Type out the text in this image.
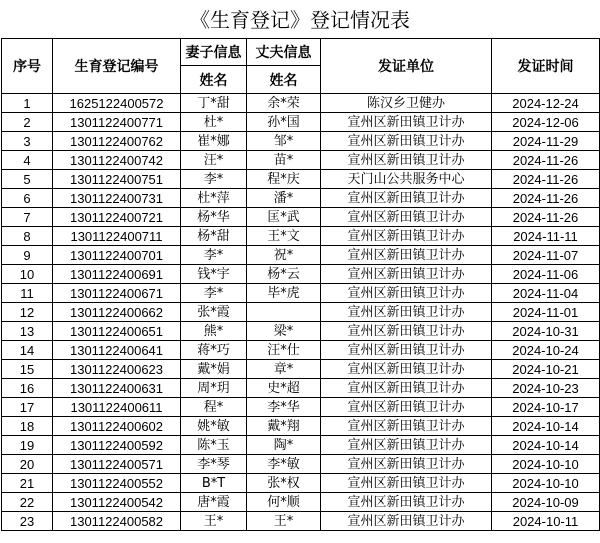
《生育登记》登记情况表
序号	生育登记编号	妻子信息	丈夫信息	发证单位	发证时间
		姓名	姓名		
1	1625122400572	丁*甜	余*荣	陈汉乡卫健办	2024-12-24
2	1301122400771	杜*	孙*国	宣州区新田镇卫计办	2024-12-06
3	1301122400762	崔*娜	邹*	宣州区新田镇卫计办	2024-11-29
4	1301122400742	汪*	苗*	宣州区新田镇卫计办	2024-11-26
5	1301122400751	李*	程*庆	天门山公共服务中心	2024-11-26
6	1301122400731	杜*萍	潘*	宣州区新田镇卫计办	2024-11-26
7	1301122400721	杨*华	匡*武	宣州区新田镇卫计办	2024-11-26
8	1301122400711	杨*甜	王*文	宣州区新田镇卫计办	2024-11-11
9	1301122400701	李*	祝*	宣州区新田镇卫计办	2024-11-07
10	1301122400691	钱*宇	杨*云	宣州区新田镇卫计办	2024-11-06
11	1301122400671	李*	毕*虎	宣州区新田镇卫计办	2024-11-04
12	1301122400662	张*霞		宣州区新田镇卫计办	2024-11-01
13	1301122400651	熊*	梁*	宣州区新田镇卫计办	2024-10-31
14	1301122400641	蒋*巧	汪*仕	宣州区新田镇卫计办	2024-10-24
15	1301122400623	戴*娟	章*	宣州区新田镇卫计办	2024-10-21
16	1301122400631	周*玥	史*超	宣州区新田镇卫计办	2024-10-23
17	1301122400611	程*	李*华	宣州区新田镇卫计办	2024-10-17
18	1301122400602	姚*敏	戴*翔	宣州区新田镇卫计办	2024-10-14
19	1301122400592	陈*玉	陶*	宣州区新田镇卫计办	2024-10-14
20	1301122400571	李*琴	李*敏	宣州区新田镇卫计办	2024-10-10
21	1301122400552	B*T	张*权	宣州区新田镇卫计办	2024-10-10
22	1301122400542	唐*霞	何*顺	宣州区新田镇卫计办	2024-10-09
23	1301122400582	王*	王*	宣州区新田镇卫计办	2024-10-11
